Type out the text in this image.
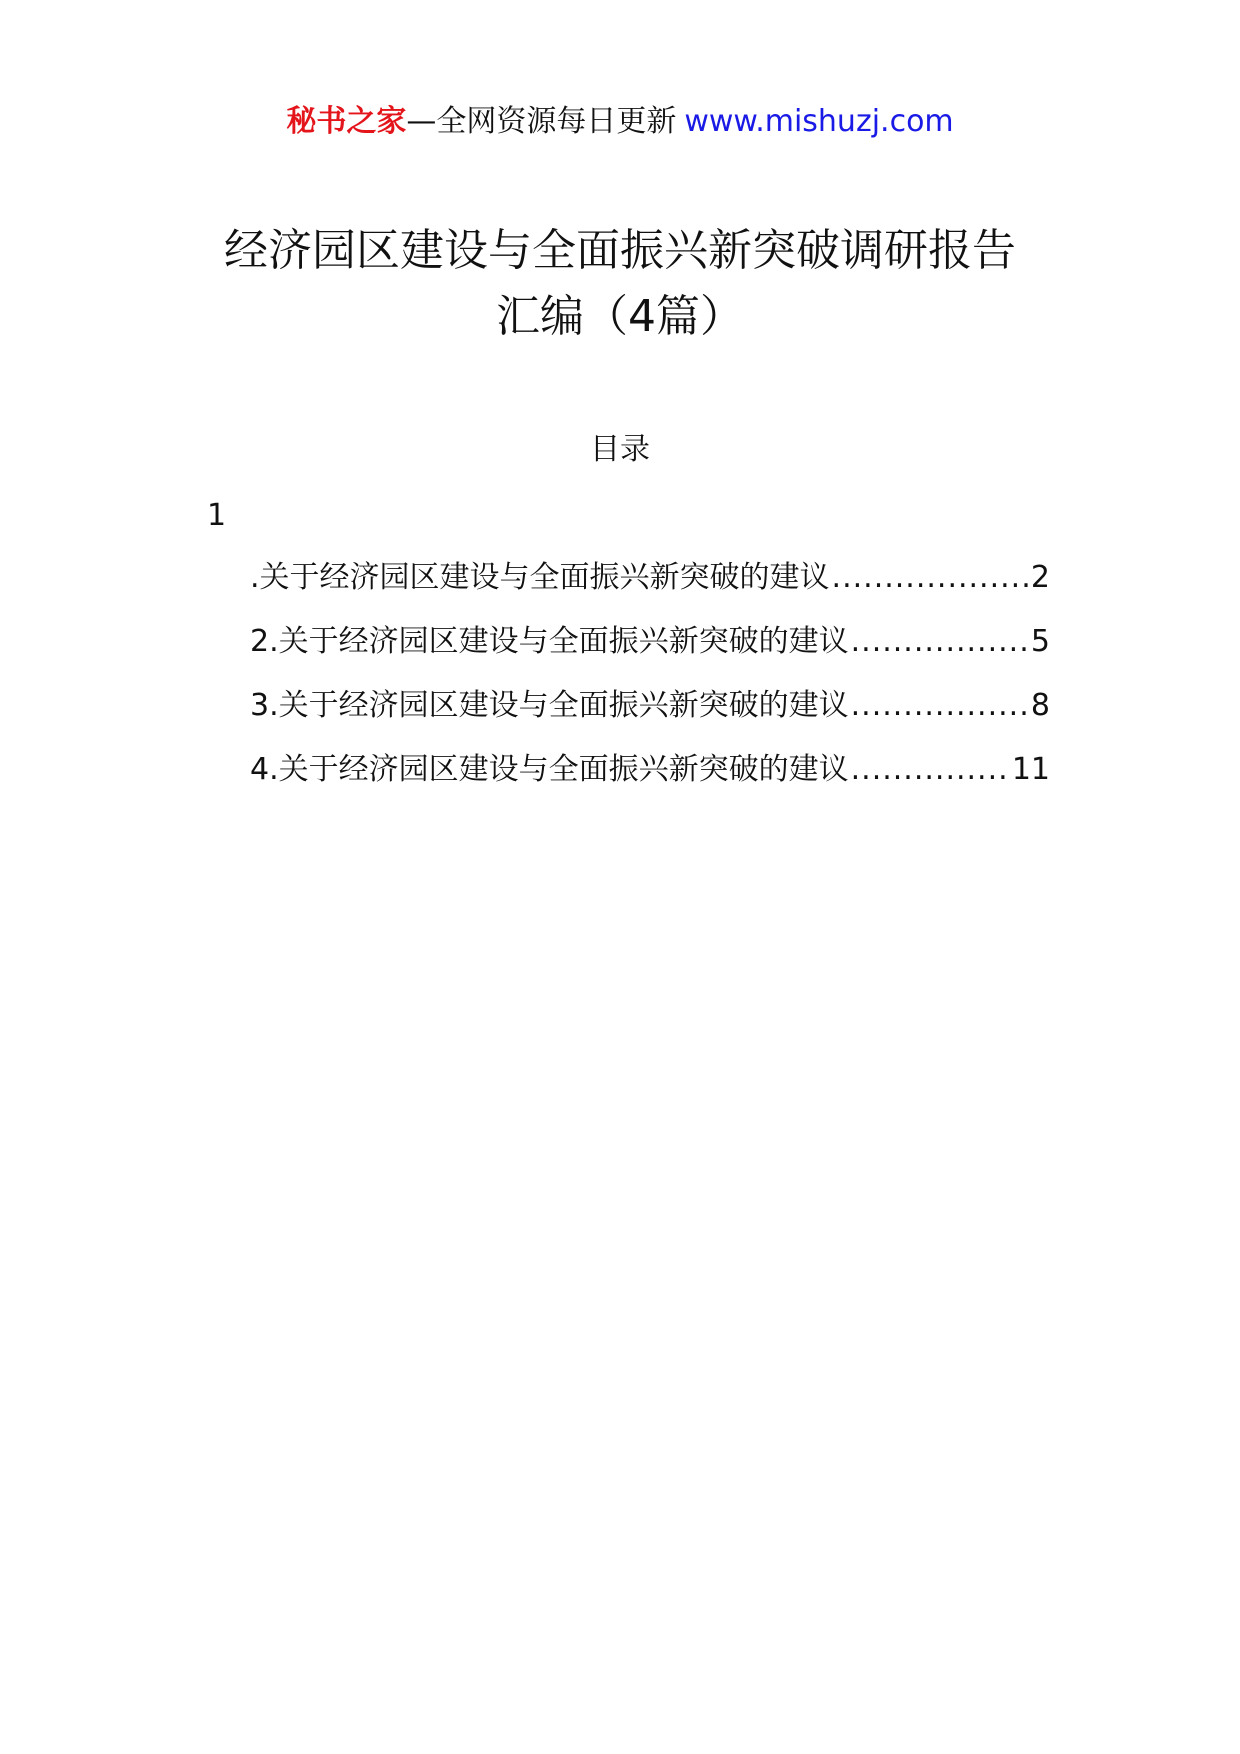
秘书之家—全网资源每日更新 www.mishuzj.com
经济园区建设与全面振兴新突破调研报告
汇编（4篇）
目录
1
.关于经济园区建设与全面振兴新突破的建议 .....	2
2.关于经济园区建设与全面振兴新突破的建议 .....	5
3.关于经济园区建设与全面振兴新突破的建议 .....	8
4.关于经济园区建设与全面振兴新突破的建议 .....	11
